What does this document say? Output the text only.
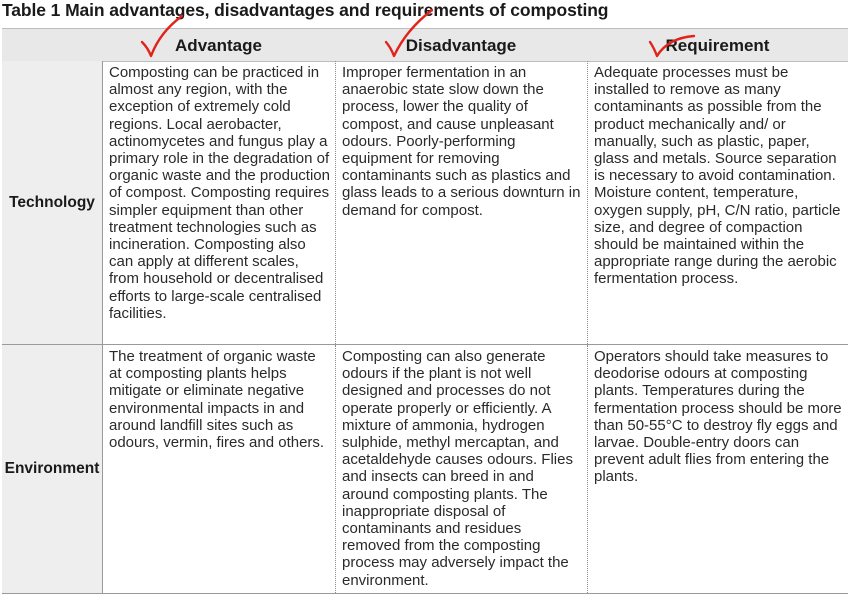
Table 1 Main advantages, disadvantages and requirements of composting
Advantage	Disadvantage	Requirement
Technology
Composting can be practiced in almost any region, with the exception of extremely cold regions. Local aerobacter, actinomycetes and fungus play a primary role in the degradation of organic waste and the production of compost. Composting requires simpler equipment than other treatment technologies such as incineration. Composting also can apply at different scales, from household or decentralised efforts to large-scale centralised facilities.
Improper fermentation in an anaerobic state slow down the process, lower the quality of compost, and cause unpleasant odours. Poorly-performing equipment for removing contaminants such as plastics and glass leads to a serious downturn in demand for compost.
Adequate processes must be installed to remove as many contaminants as possible from the product mechanically and/ or manually, such as plastic, paper, glass and metals. Source separation is necessary to avoid contamination. Moisture content, temperature, oxygen supply, pH, C/N ratio, particle size, and degree of compaction should be maintained within the appropriate range during the aerobic fermentation process.
Environment
The treatment of organic waste at composting plants helps mitigate or eliminate negative environmental impacts in and around landfill sites such as odours, vermin, fires and others.
Composting can also generate odours if the plant is not well designed and processes do not operate properly or efficiently. A mixture of ammonia, hydrogen sulphide, methyl mercaptan, and acetaldehyde causes odours. Flies and insects can breed in and around composting plants. The inappropriate disposal of contaminants and residues removed from the composting process may adversely impact the environment.
Operators should take measures to deodorise odours at composting plants. Temperatures during the fermentation process should be more than 50-55°C to destroy fly eggs and larvae. Double-entry doors can prevent adult flies from entering the plants.
